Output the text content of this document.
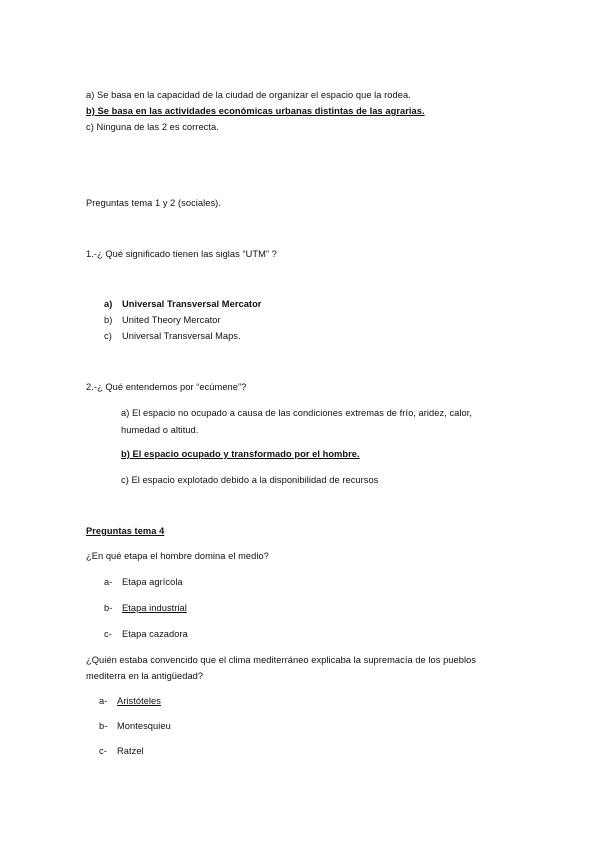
a) Se basa en la capacidad de la ciudad de organizar el espacio que la rodea.
b) Se basa en las actividades económicas urbanas distintas de las agrarias.
c) Ninguna de las 2 es correcta.
Preguntas tema 1 y 2 (sociales).
1.-¿ Qué significado tienen las siglas “UTM” ?
a) Universal Transversal Mercator
b) United Theory Mercator
c) Universal Transversal Maps.
2.-¿ Qué entendemos por “ecúmene”?
a) El espacio no ocupado a causa de las condiciones extremas de frío, aridez, calor,
humedad o altitud.
b) El espacio ocupado y transformado por el hombre.
c) El espacio explotado debido a la disponibilidad de recursos
Preguntas tema 4
¿En qué etapa el hombre domina el medio?
a- Etapa agrícola
b- Etapa industrial
c- Etapa cazadora
¿Quién estaba convencido que el clima mediterráneo explicaba la supremacía de los pueblos
mediterra en la antigüedad?
a- Aristóteles
b- Montesquieu
c- Ratzel
